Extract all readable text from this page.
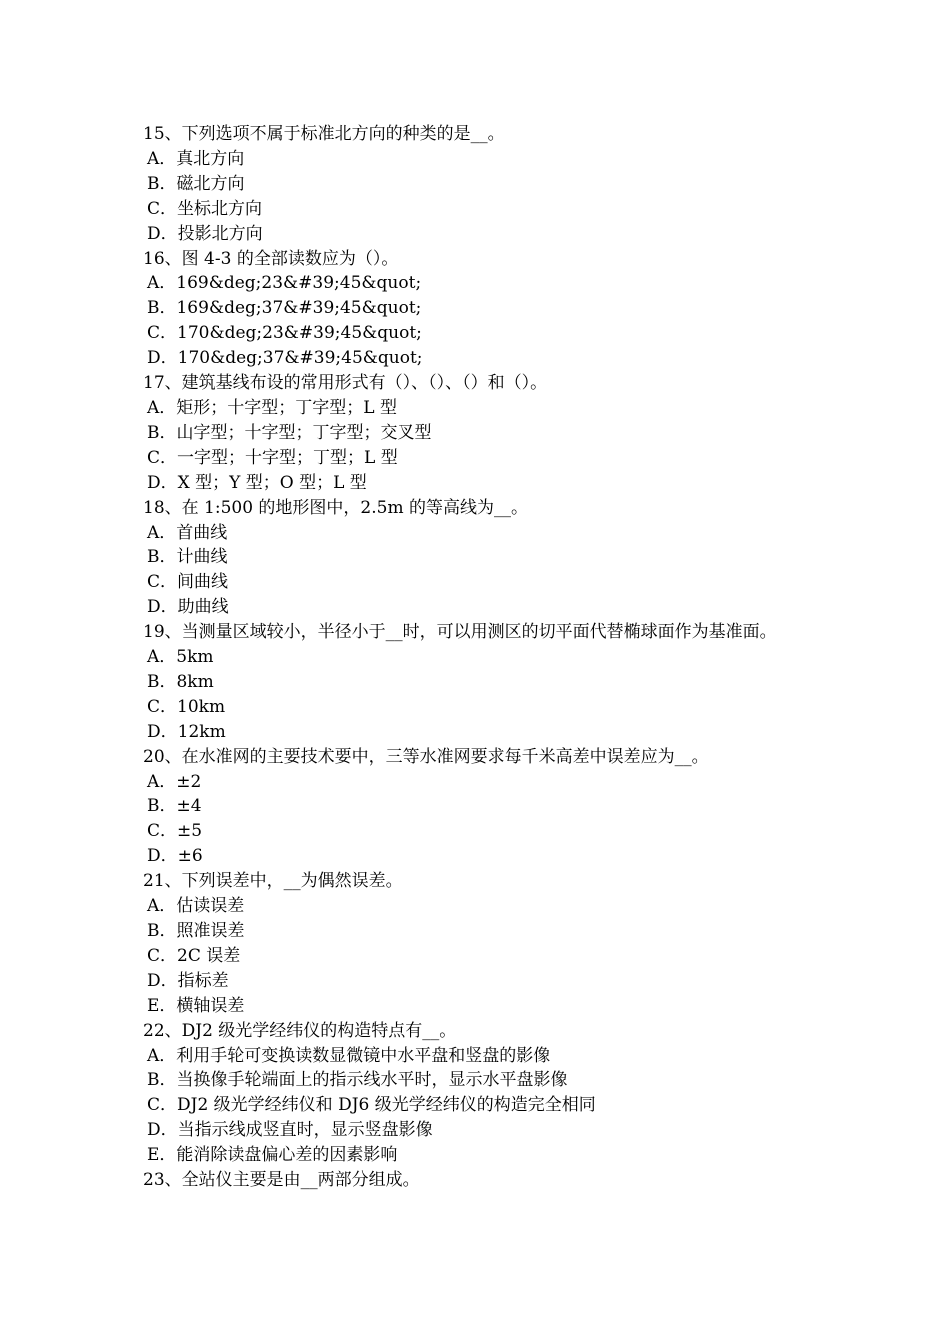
15、下列选项不属于标准北方向的种类的是__。

A．真北方向

B．磁北方向

C．坐标北方向

D．投影北方向

16、图 4-3 的全部读数应为（）。

A．169&deg;23&#39;45&quot;

B．169&deg;37&#39;45&quot;

C．170&deg;23&#39;45&quot;

D．170&deg;37&#39;45&quot;

17、建筑基线布设的常用形式有（）、（）、（）和（）。

A．矩形；十字型；丁字型；L 型

B．山字型；十字型；丁字型；交叉型

C．一字型；十字型；丁型；L 型

D．X 型；Y 型；O 型；L 型

18、在 1:500 的地形图中，2.5m 的等高线为__。

A．首曲线

B．计曲线

C．间曲线

D．助曲线

19、当测量区域较小，半径小于__时，可以用测区的切平面代替椭球面作为基准面。

A．5km

B．8km

C．10km

D．12km

20、在水准网的主要技术要中，三等水准网要求每千米高差中误差应为__。

A．±2

B．±4

C．±5

D．±6

21、下列误差中，__为偶然误差。

A．估读误差

B．照准误差

C．2C 误差

D．指标差

E．横轴误差

22、DJ2 级光学经纬仪的构造特点有__。

A．利用手轮可变换读数显微镜中水平盘和竖盘的影像

B．当换像手轮端面上的指示线水平时，显示水平盘影像

C．DJ2 级光学经纬仪和 DJ6 级光学经纬仪的构造完全相同

D．当指示线成竖直时，显示竖盘影像

E．能消除读盘偏心差的因素影响

23、全站仪主要是由__两部分组成。
